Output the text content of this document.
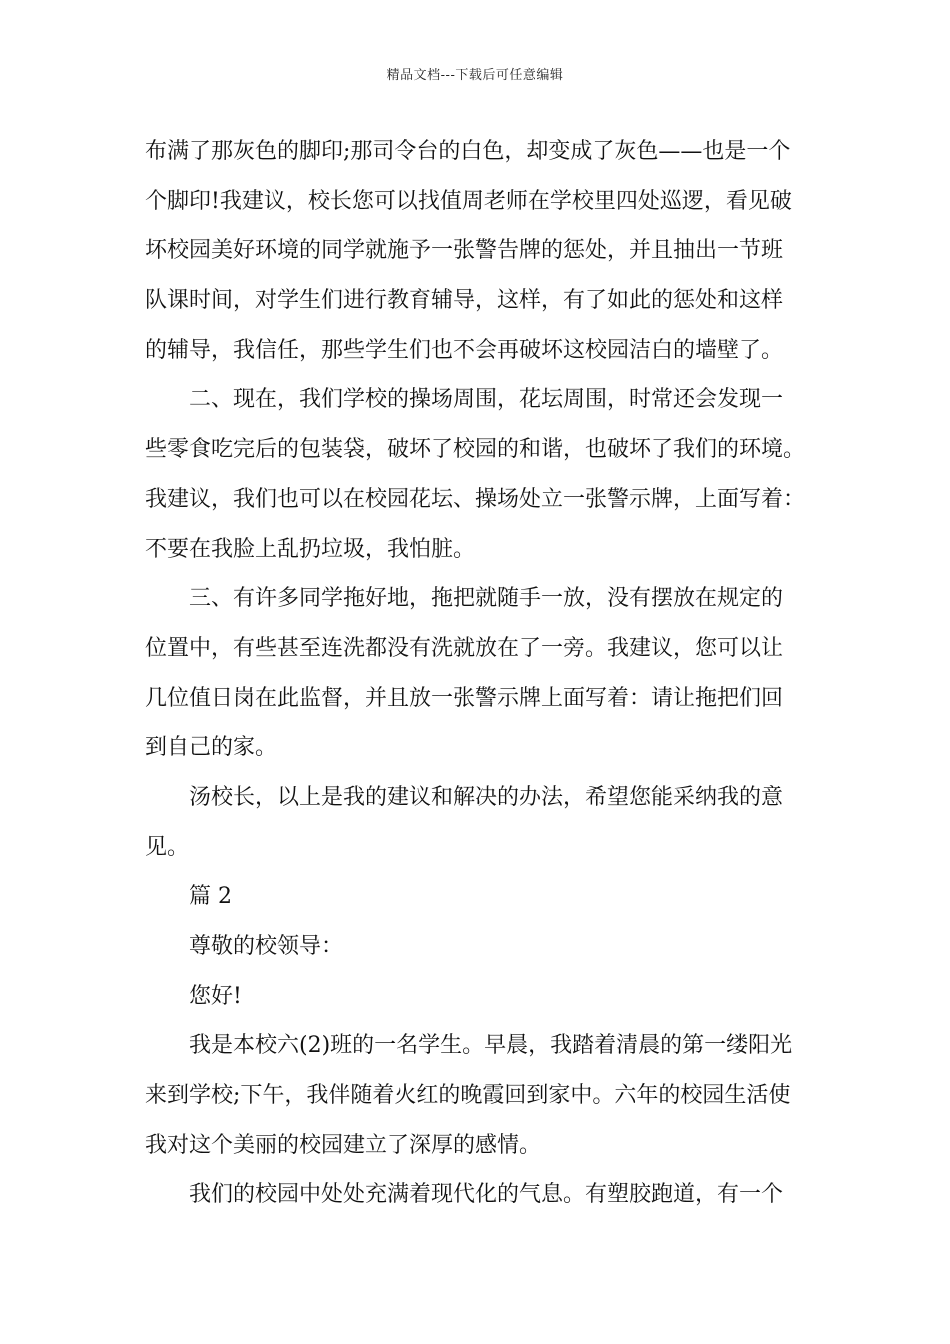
精品文档---下载后可任意编辑
布满了那灰色的脚印;那司令台的白色，却变成了灰色——也是一个
个脚印!我建议，校长您可以找值周老师在学校里四处巡逻，看见破
坏校园美好环境的同学就施予一张警告牌的惩处，并且抽出一节班
队课时间，对学生们进行教育辅导，这样，有了如此的惩处和这样
的辅导，我信任，那些学生们也不会再破坏这校园洁白的墙壁了。
二、现在，我们学校的操场周围，花坛周围，时常还会发现一
些零食吃完后的包装袋，破坏了校园的和谐，也破坏了我们的环境。
我建议，我们也可以在校园花坛、操场处立一张警示牌，上面写着：
不要在我脸上乱扔垃圾，我怕脏。
三、有许多同学拖好地，拖把就随手一放，没有摆放在规定的
位置中，有些甚至连洗都没有洗就放在了一旁。我建议，您可以让
几位值日岗在此监督，并且放一张警示牌上面写着：请让拖把们回
到自己的家。
汤校长，以上是我的建议和解决的办法，希望您能采纳我的意
见。
篇 2
尊敬的校领导：
您好!
我是本校六(2)班的一名学生。早晨，我踏着清晨的第一缕阳光
来到学校;下午，我伴随着火红的晚霞回到家中。六年的校园生活使
我对这个美丽的校园建立了深厚的感情。
我们的校园中处处充满着现代化的气息。有塑胶跑道，有一个
